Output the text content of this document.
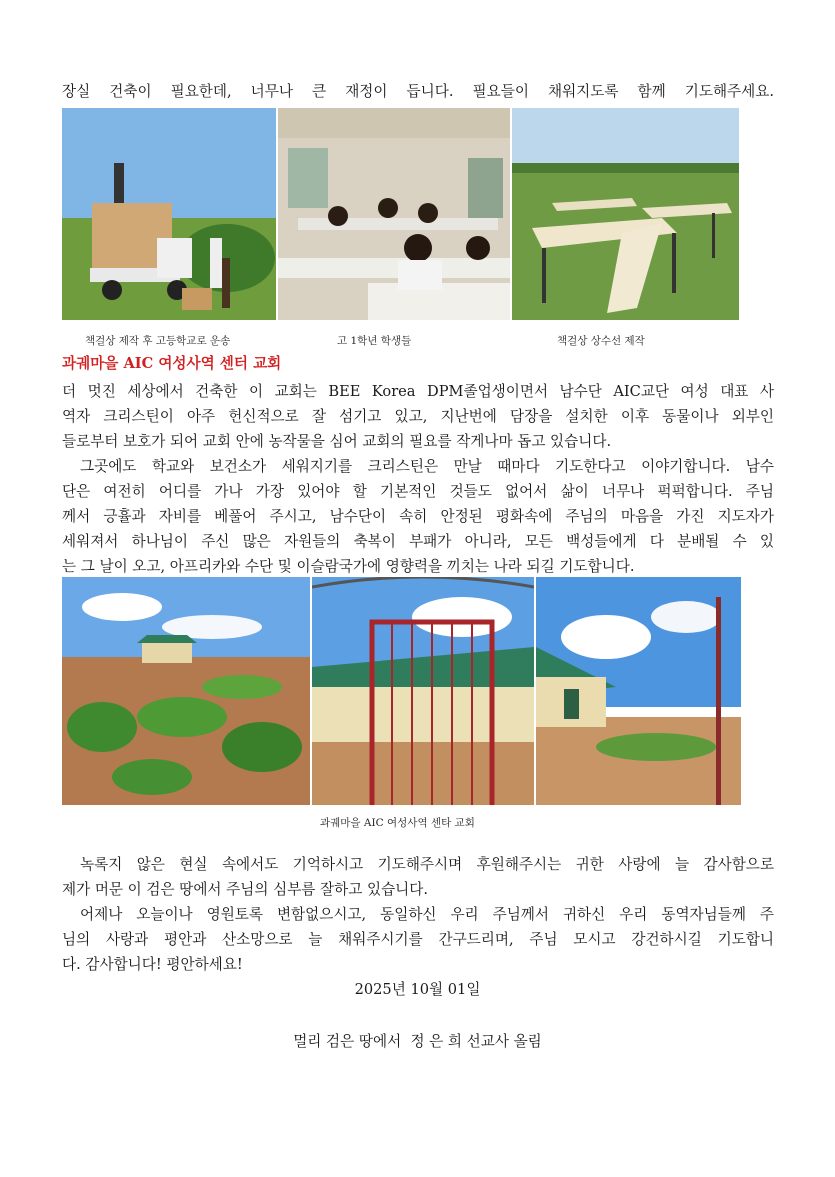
장실 건축이 필요한데, 너무나 큰 재정이 듭니다. 필요들이 채워지도록 함께 기도해주세요.
책걸상 제작 후 고등학교로 운송	고 1학년 학생들	책걸상 상수선 제작
과궤마을 AIC 여성사역 센터 교회
더 멋진 세상에서 건축한 이 교회는 BEE Korea DPM졸업생이면서 남수단 AIC교단 여성 대표 사
역자 크리스틴이 아주 헌신적으로 잘 섬기고 있고, 지난번에 담장을 설치한 이후 동물이나 외부인
들로부터 보호가 되어 교회 안에 농작물을 심어 교회의 필요를 작게나마 돕고 있습니다.
그곳에도 학교와 보건소가 세워지기를 크리스틴은 만날 때마다 기도한다고 이야기합니다. 남수
단은 여전히 어디를 가나 가장 있어야 할 기본적인 것들도 없어서 삶이 너무나 퍽퍽합니다. 주님
께서 긍휼과 자비를 베풀어 주시고, 남수단이 속히 안정된 평화속에 주님의 마음을 가진 지도자가
세워져서 하나님이 주신 많은 자원들의 축복이 부패가 아니라, 모든 백성들에게 다 분배될 수 있
는 그 날이 오고, 아프리카와 수단 및 이슬람국가에 영향력을 끼치는 나라 되길 기도합니다.
과궤마을 AIC 여성사역 센타 교회
녹록지 않은 현실 속에서도 기억하시고 기도해주시며 후원해주시는 귀한 사랑에 늘 감사함으로
제가 머문 이 검은 땅에서 주님의 심부름 잘하고 있습니다.
어제나 오늘이나 영원토록 변함없으시고, 동일하신 우리 주님께서 귀하신 우리 동역자님들께 주
님의 사랑과 평안과 산소망으로 늘 채워주시기를 간구드리며, 주님 모시고 강건하시길 기도합니
다. 감사합니다! 평안하세요!
2025년 10월 01일
멀리 검은 땅에서  정 은 희 선교사 올림
